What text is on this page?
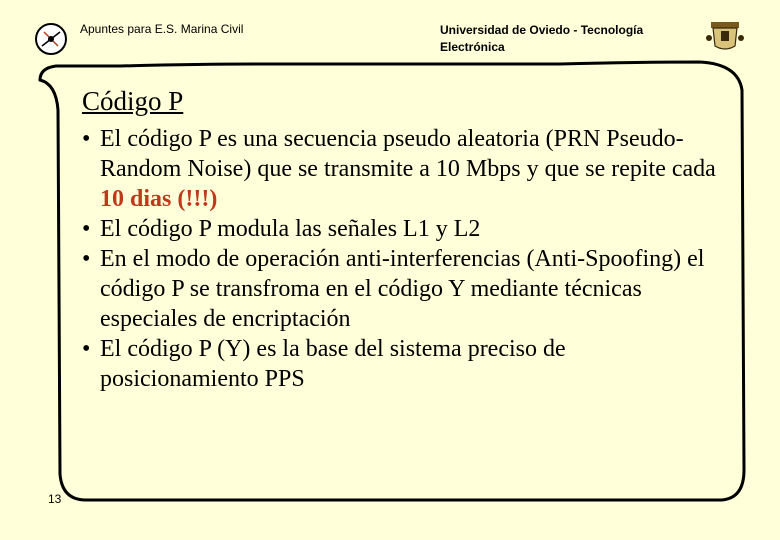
Apuntes para E.S. Marina Civil	Universidad de Oviedo - Tecnología Electrónica
Código P
• El código P es una secuencia pseudo aleatoria (PRN Pseudo-Random Noise) que se transmite a 10 Mbps y que se repite cada 10 dias (!!!)
• El código P modula las señales L1 y L2
• En el modo de operación anti-interferencias (Anti-Spoofing) el código P se transfroma en el código Y mediante técnicas especiales de encriptación
• El código P (Y) es la base del sistema preciso de posicionamiento PPS
13
